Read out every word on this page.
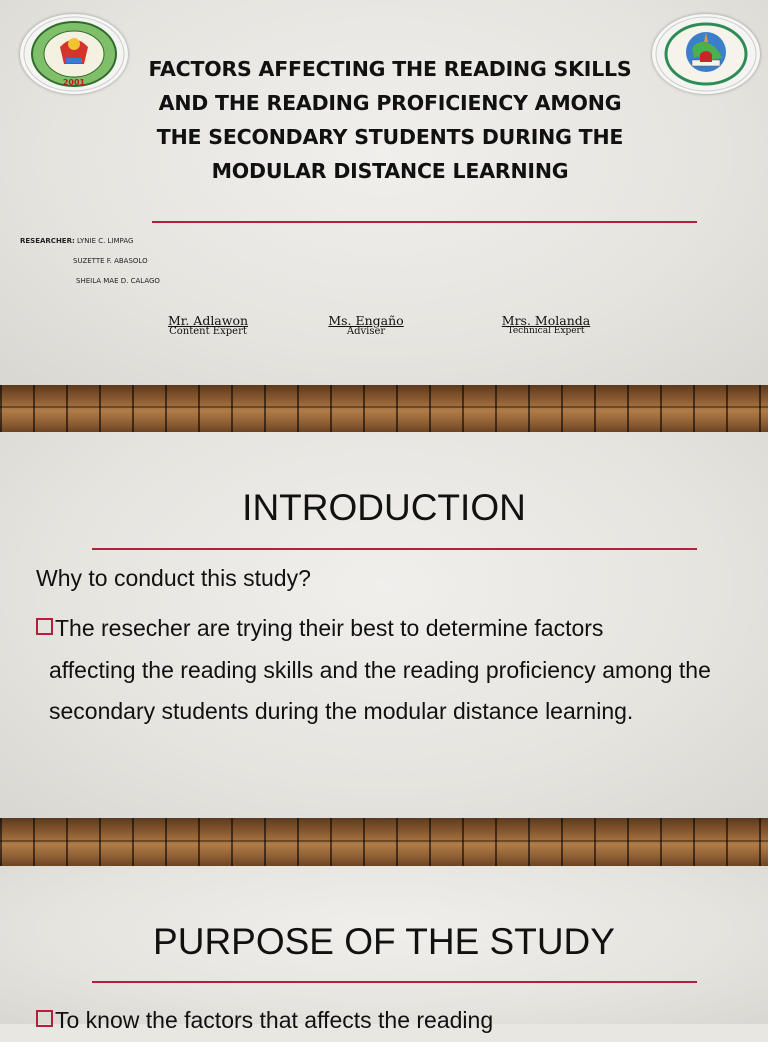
2001
FACTORS AFFECTING THE READING SKILLS
AND THE READING PROFICIENCY AMONG
THE SECONDARY STUDENTS DURING THE
MODULAR DISTANCE LEARNING
RESEARCHER: LYNIE C. LIMPAG
SUZETTE F. ABASOLO
SHEILA MAE D. CALAGO
Mr. Adlawon
Content Expert
Ms. Engaño
Adviser
Mrs. Molanda
Technical Expert
INTRODUCTION
Why to conduct this study?
The resecher are trying their best to determine factors
affecting the reading skills and the reading proficiency among the secondary students during the modular distance learning.
PURPOSE OF THE STUDY
To know the factors that affects the reading
